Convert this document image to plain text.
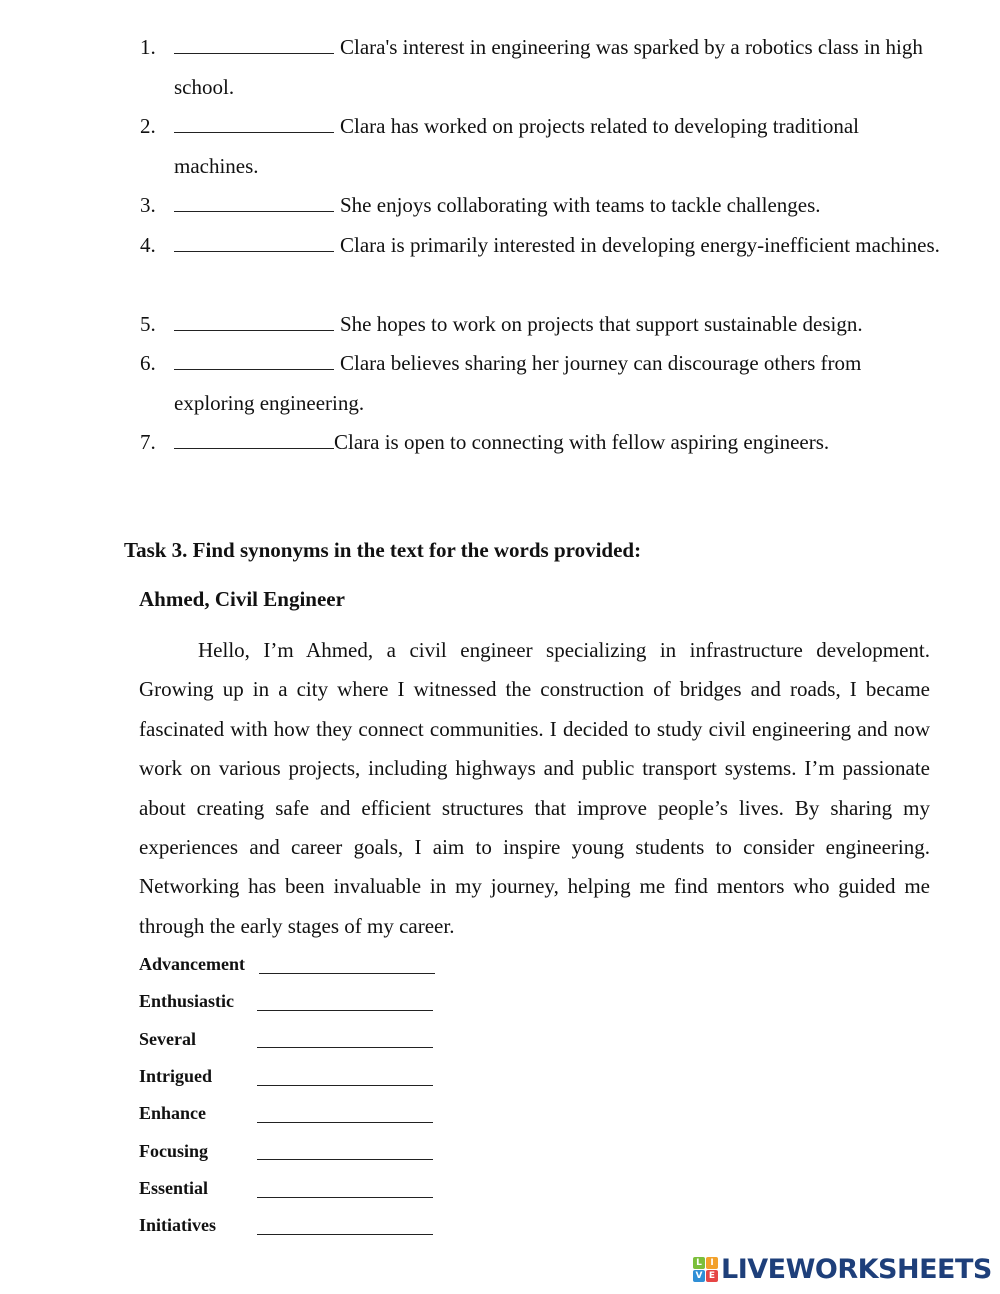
1.	Clara's interest in engineering was sparked by a robotics class in high school.
2.	Clara has worked on projects related to developing traditional machines.
3.	She enjoys collaborating with teams to tackle challenges.
4.	Clara is primarily interested in developing energy-inefficient machines.
5.	She hopes to work on projects that support sustainable design.
6.	Clara believes sharing her journey can discourage others from exploring engineering.
7.	Clara is open to connecting with fellow aspiring engineers.
Task 3. Find synonyms in the text for the words provided:
Ahmed, Civil Engineer
Hello, I’m Ahmed, a civil engineer specializing in infrastructure development. Growing up in a city where I witnessed the construction of bridges and roads, I became fascinated with how they connect communities. I decided to study civil engineering and now work on various projects, including highways and public transport systems. I’m passionate about creating safe and efficient structures that improve people’s lives. By sharing my experiences and career goals, I aim to inspire young students to consider engineering. Networking has been invaluable in my journey, helping me find mentors who guided me through the early stages of my career.
Advancement
Enthusiastic
Several
Intrigued
Enhance
Focusing
Essential
Initiatives
L I
V E LIVEWORKSHEETS
